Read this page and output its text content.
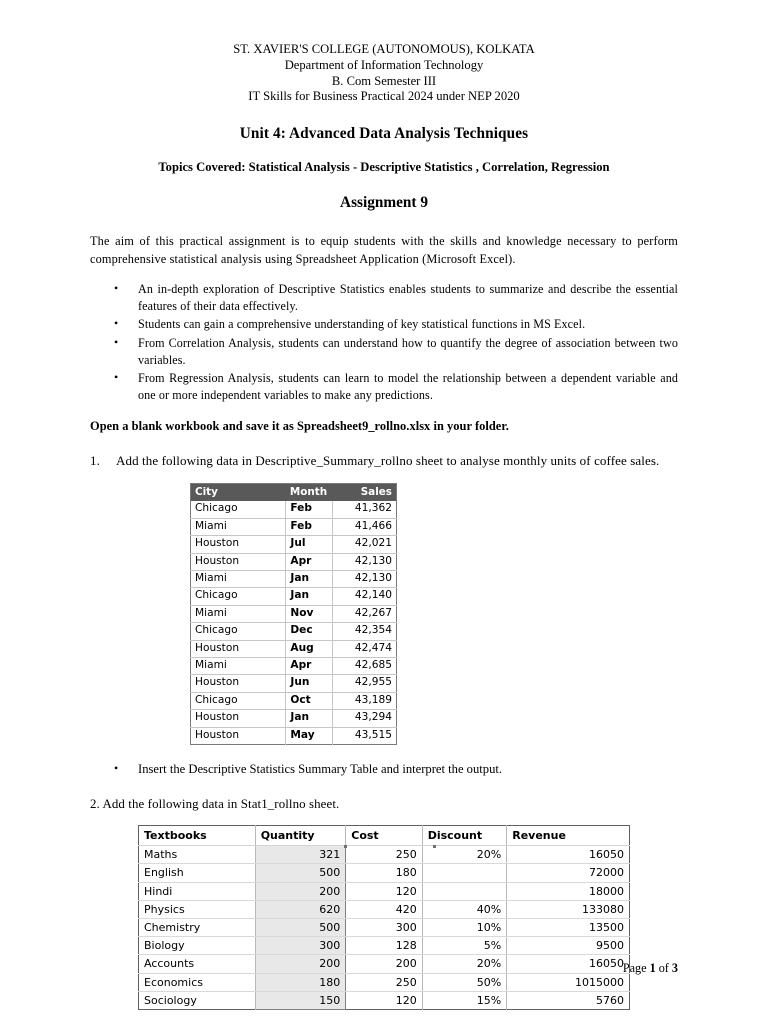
ST. XAVIER'S COLLEGE (AUTONOMOUS), KOLKATA
Department of Information Technology
B. Com Semester III
IT Skills for Business Practical 2024 under NEP 2020
Unit 4: Advanced Data Analysis Techniques
Topics Covered: Statistical Analysis - Descriptive Statistics , Correlation, Regression
Assignment 9
The aim of this practical assignment is to equip students with the skills and knowledge necessary to perform comprehensive statistical analysis using Spreadsheet Application (Microsoft Excel).
• An in-depth exploration of Descriptive Statistics enables students to summarize and describe the essential features of their data effectively.
• Students can gain a comprehensive understanding of key statistical functions in MS Excel.
• From Correlation Analysis, students can understand how to quantify the degree of association between two variables.
• From Regression Analysis, students can learn to model the relationship between a dependent variable and one or more independent variables to make any predictions.
Open a blank workbook and save it as Spreadsheet9_rollno.xlsx in your folder.
1. Add the following data in Descriptive_Summary_rollno sheet to analyse monthly units of coffee sales.
City	Month	Sales
Chicago	Feb	41,362
Miami	Feb	41,466
Houston	Jul	42,021
Houston	Apr	42,130
Miami	Jan	42,130
Chicago	Jan	42,140
Miami	Nov	42,267
Chicago	Dec	42,354
Houston	Aug	42,474
Miami	Apr	42,685
Houston	Jun	42,955
Chicago	Oct	43,189
Houston	Jan	43,294
Houston	May	43,515
• Insert the Descriptive Statistics Summary Table and interpret the output.
2. Add the following data in Stat1_rollno sheet.
Textbooks	Quantity	Cost	Discount	Revenue
Maths	321	250	20%	16050
English	500	180		72000
Hindi	200	120		18000
Physics	620	420	40%	133080
Chemistry	500	300	10%	13500
Biology	300	128	5%	9500
Accounts	200	200	20%	16050
Economics	180	250	50%	1015000
Sociology	150	120	15%	5760
Page 1 of 3
